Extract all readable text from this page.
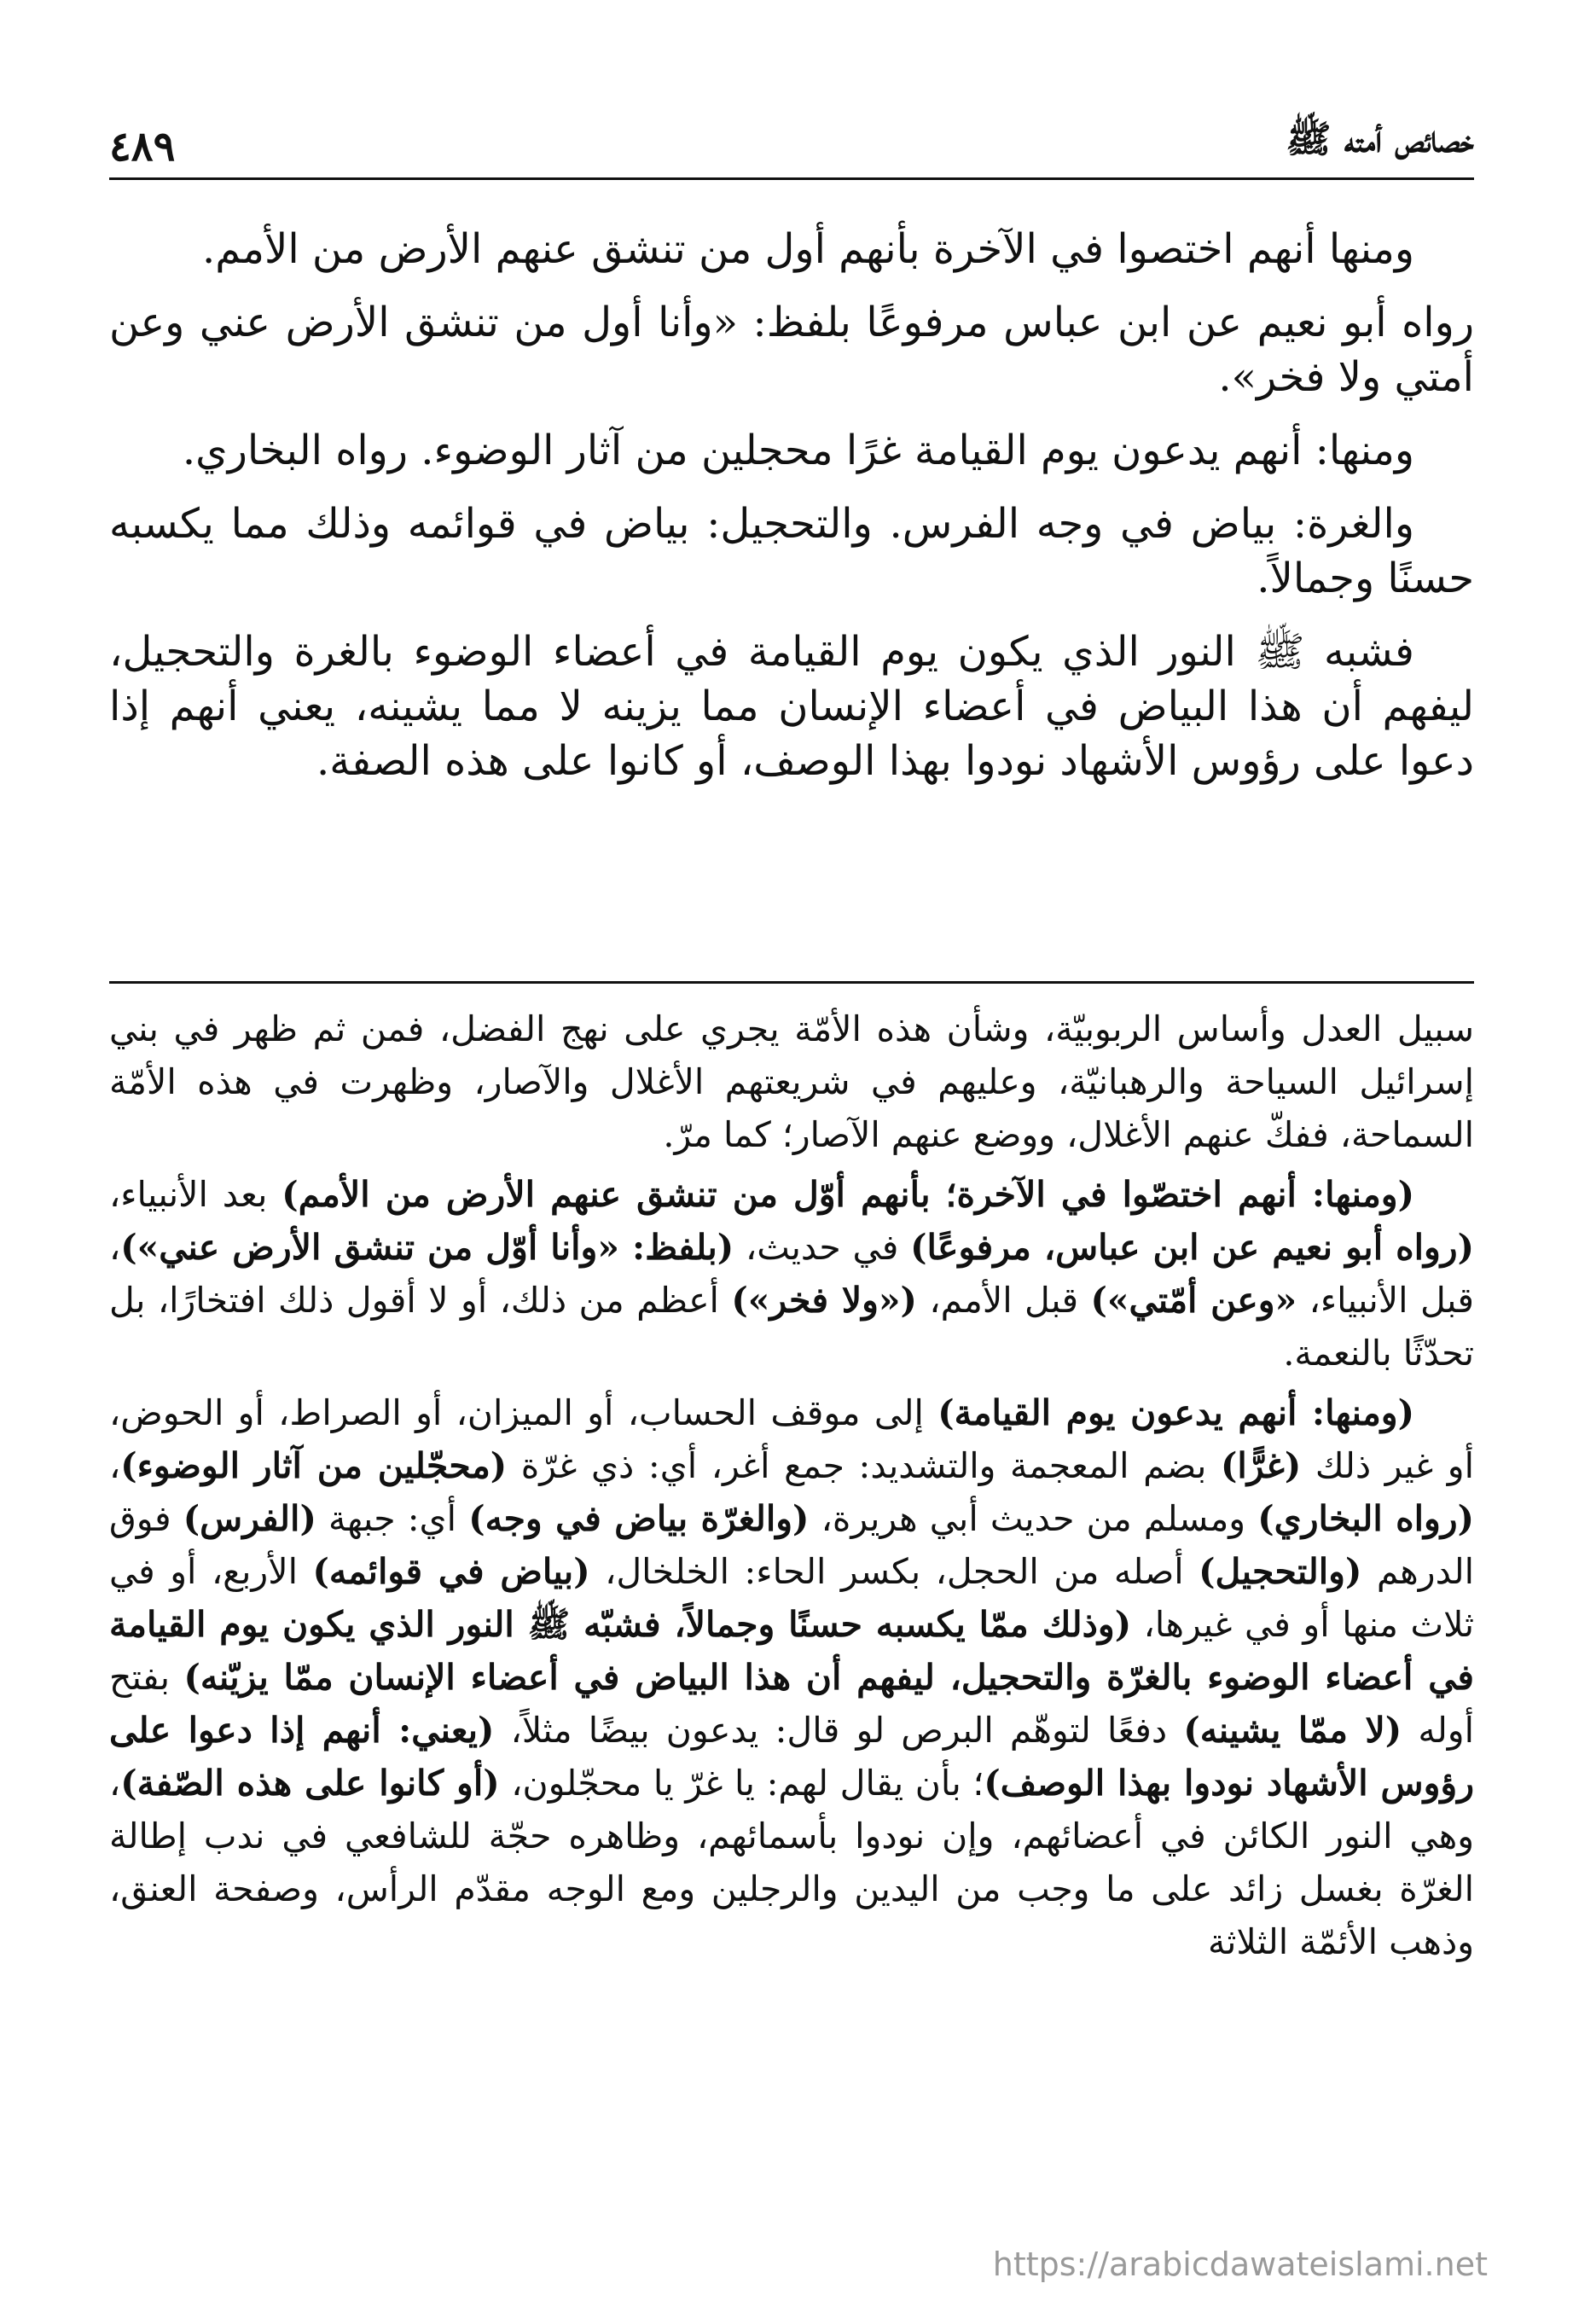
خصائص أمته ﷺ
٤٨٩

ومنها أنهم اختصوا في الآخرة بأنهم أول من تنشق عنهم الأرض من الأمم.

رواه أبو نعيم عن ابن عباس مرفوعًا بلفظ: «وأنا أول من تنشق الأرض عني وعن أمتي ولا فخر».

ومنها: أنهم يدعون يوم القيامة غرًا محجلين من آثار الوضوء. رواه البخاري.

والغرة: بياض في وجه الفرس. والتحجيل: بياض في قوائمه وذلك مما يكسبه حسنًا وجمالاً.

فشبه ﷺ النور الذي يكون يوم القيامة في أعضاء الوضوء بالغرة والتحجيل، ليفهم أن هذا البياض في أعضاء الإنسان مما يزينه لا مما يشينه، يعني أنهم إذا دعوا على رؤوس الأشهاد نودوا بهذا الوصف، أو كانوا على هذه الصفة.

سبيل العدل وأساس الربوبيّة، وشأن هذه الأمّة يجري على نهج الفضل، فمن ثم ظهر في بني إسرائيل السياحة والرهبانيّة، وعليهم في شريعتهم الأغلال والآصار، وظهرت في هذه الأمّة السماحة، ففكّ عنهم الأغلال، ووضع عنهم الآصار؛ كما مرّ.

(ومنها: أنهم اختصّوا في الآخرة؛ بأنهم أوّل من تنشق عنهم الأرض من الأمم) بعد الأنبياء، (رواه أبو نعيم عن ابن عباس، مرفوعًا) في حديث، (بلفظ: «وأنا أوّل من تنشق الأرض عني»)، قبل الأنبياء، «وعن أمّتي») قبل الأمم، («ولا فخر») أعظم من ذلك، أو لا أقول ذلك افتخارًا، بل تحدّثًا بالنعمة.

(ومنها: أنهم يدعون يوم القيامة) إلى موقف الحساب، أو الميزان، أو الصراط، أو الحوض، أو غير ذلك (غرًّا) بضم المعجمة والتشديد: جمع أغر، أي: ذي غرّة (محجّلين من آثار الوضوء)، (رواه البخاري) ومسلم من حديث أبي هريرة، (والغرّة بياض في وجه) أي: جبهة (الفرس) فوق الدرهم (والتحجيل) أصله من الحجل، بكسر الحاء: الخلخال، (بياض في قوائمه) الأربع، أو في ثلاث منها أو في غيرها، (وذلك ممّا يكسبه حسنًا وجمالاً، فشبّه ﷺ النور الذي يكون يوم القيامة في أعضاء الوضوء بالغرّة والتحجيل، ليفهم أن هذا البياض في أعضاء الإنسان ممّا يزيّنه) بفتح أوله (لا ممّا يشينه) دفعًا لتوهّم البرص لو قال: يدعون بيضًا مثلاً، (يعني: أنهم إذا دعوا على رؤوس الأشهاد نودوا بهذا الوصف)؛ بأن يقال لهم: يا غرّ يا محجّلون، (أو كانوا على هذه الصّفة)، وهي النور الكائن في أعضائهم، وإن نودوا بأسمائهم، وظاهره حجّة للشافعي في ندب إطالة الغرّة بغسل زائد على ما وجب من اليدين والرجلين ومع الوجه مقدّم الرأس، وصفحة العنق، وذهب الأئمّة الثلاثة

https://arabicdawateislami.net
